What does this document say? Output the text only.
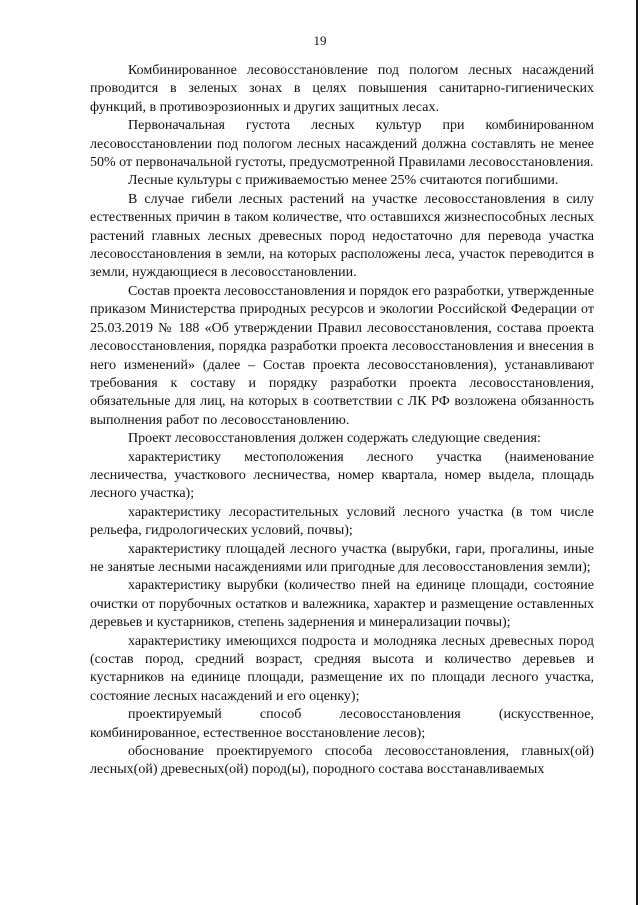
19

Комбинированное лесовосстановление под пологом лесных насаждений проводится в зеленых зонах в целях повышения санитарно-гигиенических функций, в противоэрозионных и других защитных лесах.

Первоначальная густота лесных культур при комбинированном лесовосстановлении под пологом лесных насаждений должна составлять не менее 50% от первоначальной густоты, предусмотренной Правилами лесовосстановления.

Лесные культуры с приживаемостью менее 25% считаются погибшими.

В случае гибели лесных растений на участке лесовосстановления в силу естественных причин в таком количестве, что оставшихся жизнеспособных лесных растений главных лесных древесных пород недостаточно для перевода участка лесовосстановления в земли, на которых расположены леса, участок переводится в земли, нуждающиеся в лесовосстановлении.

Состав проекта лесовосстановления и порядок его разработки, утвержденные приказом Министерства природных ресурсов и экологии Российской Федерации от 25.03.2019 № 188 «Об утверждении Правил лесовосстановления, состава проекта лесовосстановления, порядка разработки проекта лесовосстановления и внесения в него изменений» (далее – Состав проекта лесовосстановления), устанавливают требования к составу и порядку разработки проекта лесовосстановления, обязательные для лиц, на которых в соответствии с ЛК РФ возложена обязанность выполнения работ по лесовосстановлению.

Проект лесовосстановления должен содержать следующие сведения:

характеристику местоположения лесного участка (наименование лесничества, участкового лесничества, номер квартала, номер выдела, площадь лесного участка);

характеристику лесорастительных условий лесного участка (в том числе рельефа, гидрологических условий, почвы);

характеристику площадей лесного участка (вырубки, гари, прогалины, иные не занятые лесными насаждениями или пригодные для лесовосстановления земли);

характеристику вырубки (количество пней на единице площади, состояние очистки от порубочных остатков и валежника, характер и размещение оставленных деревьев и кустарников, степень задернения и минерализации почвы);

характеристику имеющихся подроста и молодняка лесных древесных пород (состав пород, средний возраст, средняя высота и количество деревьев и кустарников на единице площади, размещение их по площади лесного участка, состояние лесных насаждений и его оценку);

проектируемый способ лесовосстановления (искусственное, комбинированное, естественное восстановление лесов);

обоснование проектируемого способа лесовосстановления, главных(ой) лесных(ой) древесных(ой) пород(ы), породного состава восстанавливаемых
